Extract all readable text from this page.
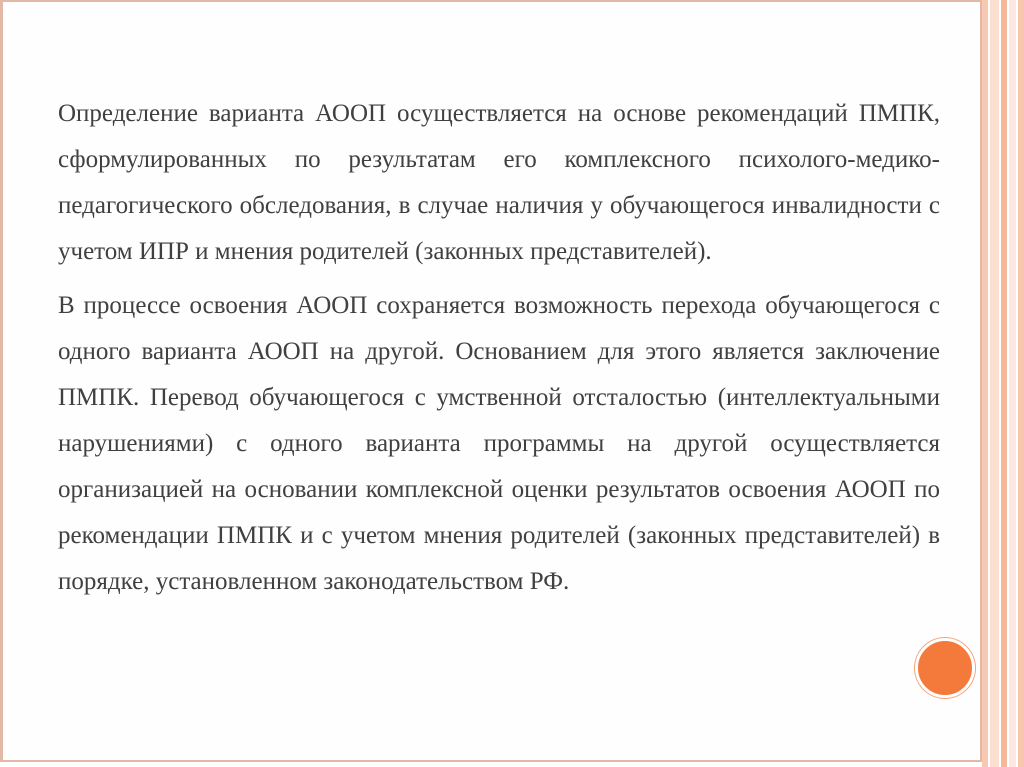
Определение варианта АООП осуществляется на основе рекомендаций ПМПК, сформулированных по результатам его комплексного психолого-медико-педагогического обследования, в случае наличия у обучающегося инвалидности с учетом ИПР и мнения родителей (законных представителей).

В процессе освоения АООП сохраняется возможность перехода обучающегося с одного варианта АООП на другой. Основанием для этого является заключение ПМПК. Перевод обучающегося с умственной отсталостью (интеллектуальными нарушениями) с одного варианта программы на другой осуществляется организацией на основании комплексной оценки результатов освоения АООП по рекомендации ПМПК и с учетом мнения родителей (законных представителей) в порядке, установленном законодательством РФ.
